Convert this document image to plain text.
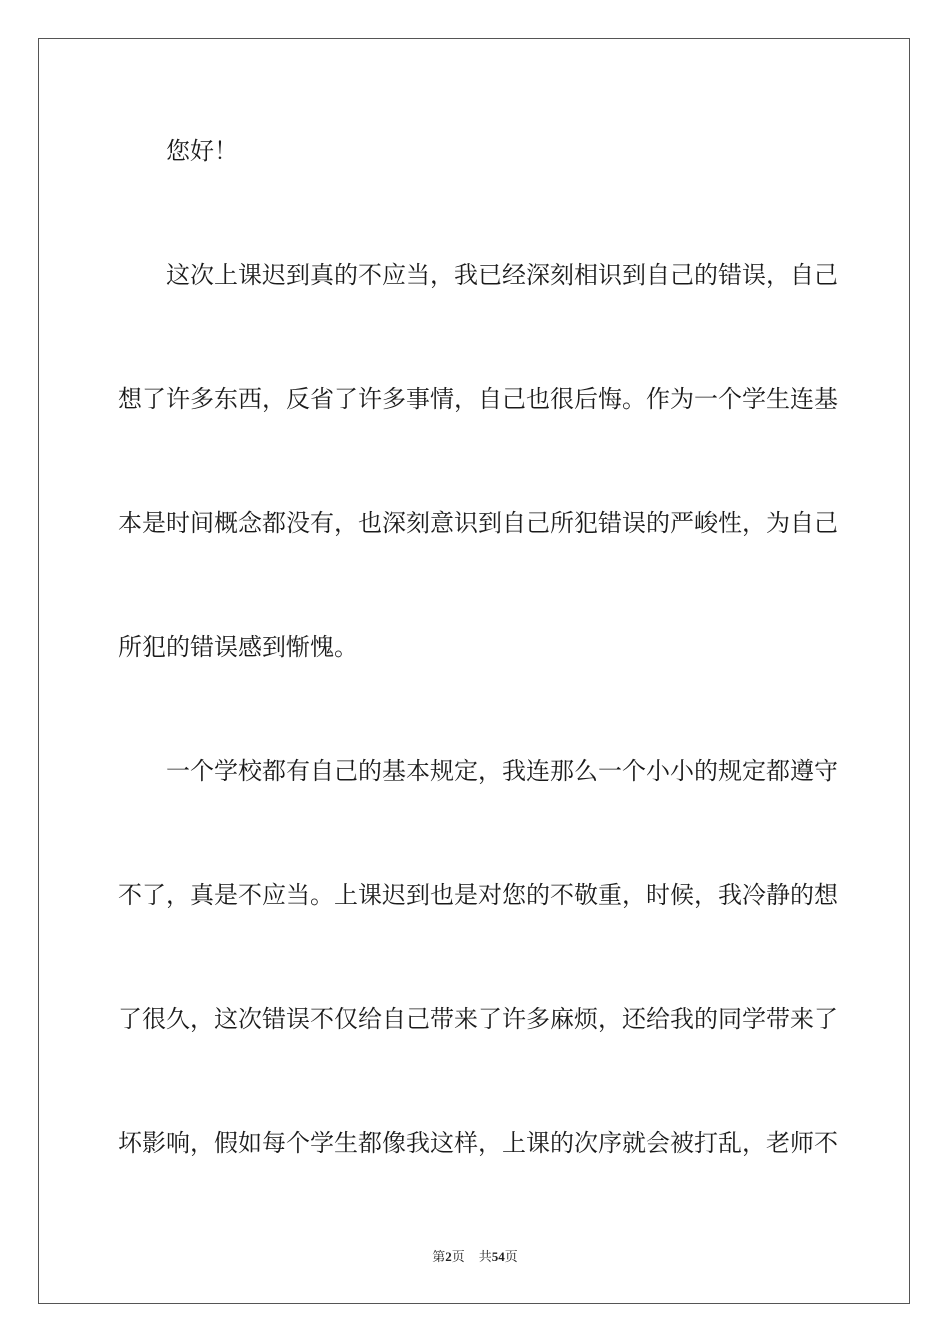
您好！
这次上课迟到真的不应当，我已经深刻相识到自己的错误，自己
想了许多东西，反省了许多事情，自己也很后悔。作为一个学生连基
本是时间概念都没有，也深刻意识到自己所犯错误的严峻性，为自己
所犯的错误感到惭愧。
一个学校都有自己的基本规定，我连那么一个小小的规定都遵守
不了，真是不应当。上课迟到也是对您的不敬重，时候，我冷静的想
了很久，这次错误不仅给自己带来了许多麻烦，还给我的同学带来了
坏影响，假如每个学生都像我这样，上课的次序就会被打乱，老师不
第2页 共54页
